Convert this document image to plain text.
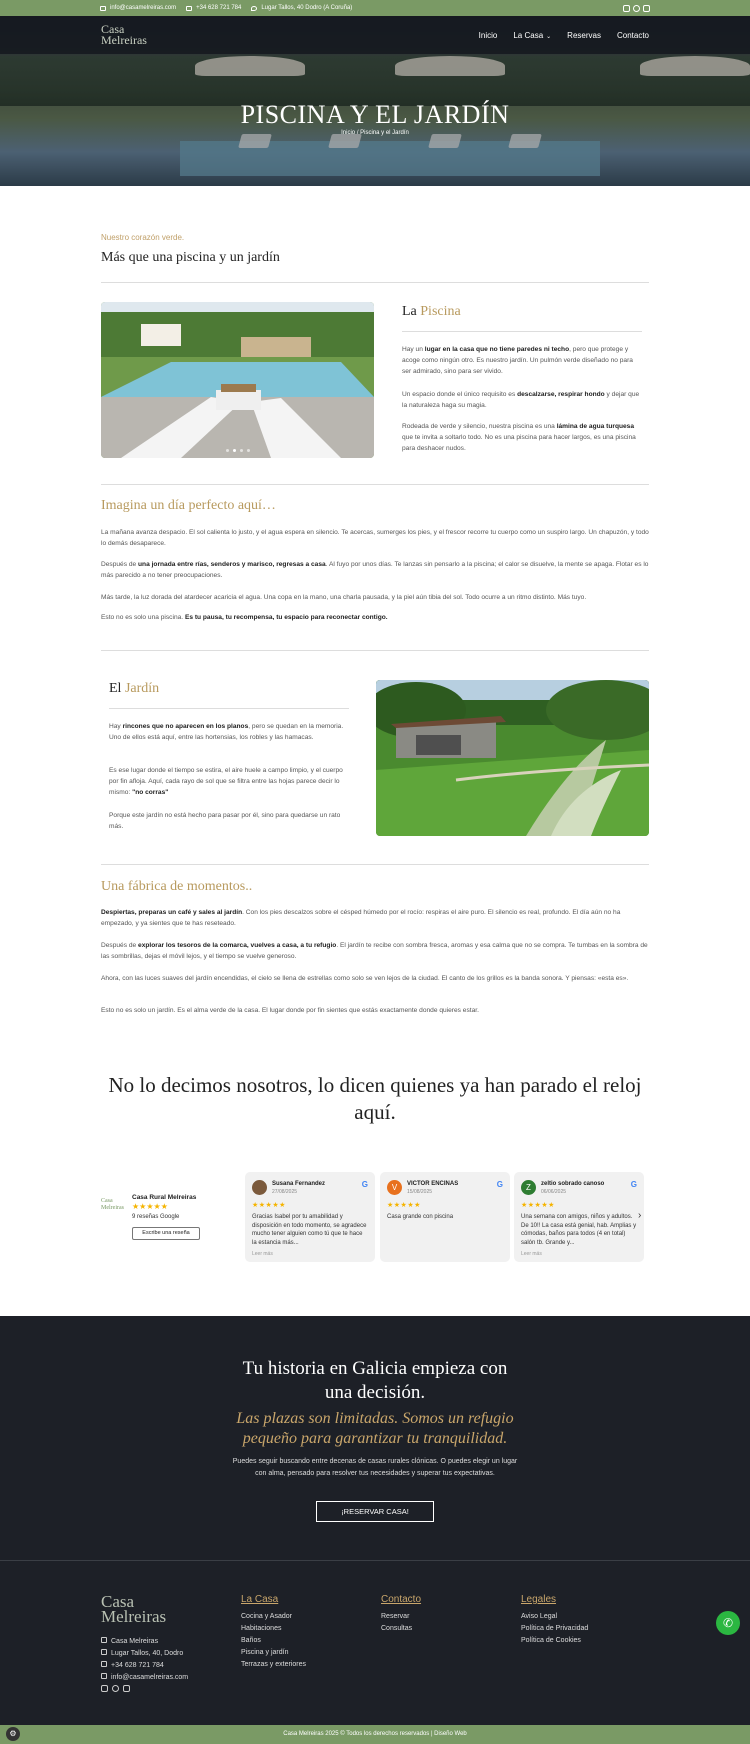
info@casamelreiras.com	+34 628 721 784	Lugar Tallos, 40 Dodro (A Coruña)
Casa
Melreiras	Inicio La Casa ⌄ Reservas Contacto
PISCINA Y EL JARDÍN
Inicio / Piscina y el Jardín
Nuestro corazón verde.
Más que una piscina y un jardín
La Piscina
Hay un lugar en la casa que no tiene paredes ni techo, pero que protege y acoge como ningún otro. Es nuestro jardín. Un pulmón verde diseñado no para ser admirado, sino para ser vivido.
Un espacio donde el único requisito es descalzarse, respirar hondo y dejar que la naturaleza haga su magia.
Rodeada de verde y silencio, nuestra piscina es una lámina de agua turquesa que te invita a soltarlo todo. No es una piscina para hacer largos, es una piscina para deshacer nudos.
Imagina un día perfecto aquí…
La mañana avanza despacio. El sol calienta lo justo, y el agua espera en silencio. Te acercas, sumerges los pies, y el frescor recorre tu cuerpo como un suspiro largo. Un chapuzón, y todo lo demás desaparece.
Después de una jornada entre rías, senderos y marisco, regresas a casa. Al fuyo por unos días. Te lanzas sin pensarlo a la piscina; el calor se disuelve, la mente se apaga. Flotar es lo más parecido a no tener preocupaciones.
Más tarde, la luz dorada del atardecer acaricia el agua. Una copa en la mano, una charla pausada, y la piel aún tibia del sol. Todo ocurre a un ritmo distinto. Más tuyo.
Esto no es solo una piscina. Es tu pausa, tu recompensa, tu espacio para reconectar contigo.
El Jardín
Hay rincones que no aparecen en los planos, pero se quedan en la memoria. Uno de ellos está aquí, entre las hortensias, los robles y las hamacas.
Es ese lugar donde el tiempo se estira, el aire huele a campo limpio, y el cuerpo por fin afloja. Aquí, cada rayo de sol que se filtra entre las hojas parece decir lo mismo: "no corras"
Porque este jardín no está hecho para pasar por él, sino para quedarse un rato más.
Una fábrica de momentos..
Despiertas, preparas un café y sales al jardín. Con los pies descalzos sobre el césped húmedo por el rocío: respiras el aire puro. El silencio es real, profundo. El día aún no ha empezado, y ya sientes que te has reseteado.
Después de explorar los tesoros de la comarca, vuelves a casa, a tu refugio. El jardín te recibe con sombra fresca, aromas y esa calma que no se compra. Te tumbas en la sombra de las sombrillas, dejas el móvil lejos, y el tiempo se vuelve generoso.
Ahora, con las luces suaves del jardín encendidas, el cielo se llena de estrellas como solo se ven lejos de la ciudad. El canto de los grillos es la banda sonora. Y piensas: «esta es».
Esto no es solo un jardín. Es el alma verde de la casa. El lugar donde por fin sientes que estás exactamente donde quieres estar.
No lo decimos nosotros, lo dicen quienes ya han parado el reloj aquí.
Casa Melreiras
Casa Rural Melreiras
★★★★★
9 reseñas Google
Escribe una reseña
Susana Fernandez
27/08/2025
G
★★★★★
Gracias Isabel por tu amabilidad y disposición en todo momento, se agradece mucho tener alguien como tú que te hace la estancia más...
Leer más
V	VICTOR ENCINAS
15/08/2025
G
★★★★★
Casa grande con piscina
Z	zeltio sobrado canoso
06/06/2025
G
★★★★★
Una semana con amigos, niños y adultos. De 10!! La casa está genial, hab. Amplias y cómodas, baños para todos (4 en total) salón tb. Grande y...
Leer más
›
Tu historia en Galicia empieza con una decisión.
Las plazas son limitadas. Somos un refugio pequeño para garantizar tu tranquilidad.
Puedes seguir buscando entre decenas de casas rurales clónicas. O puedes elegir un lugar con alma, pensado para resolver tus necesidades y superar tus expectativas.
¡RESERVAR CASA!
Casa
Melreiras
Casa Melreiras
Lugar Tallos, 40, Dodro
+34 628 721 784
info@casamelreiras.com
La Casa
Cocina y Asador
Habitaciones
Baños
Piscina y jardín
Terrazas y exteriores
Contacto
Reservar
Consultas
Legales
Aviso Legal
Política de Privacidad
Política de Cookies
✆
Casa Melreiras 2025 © Todos los derechos reservados | Diseño Web
⚙
